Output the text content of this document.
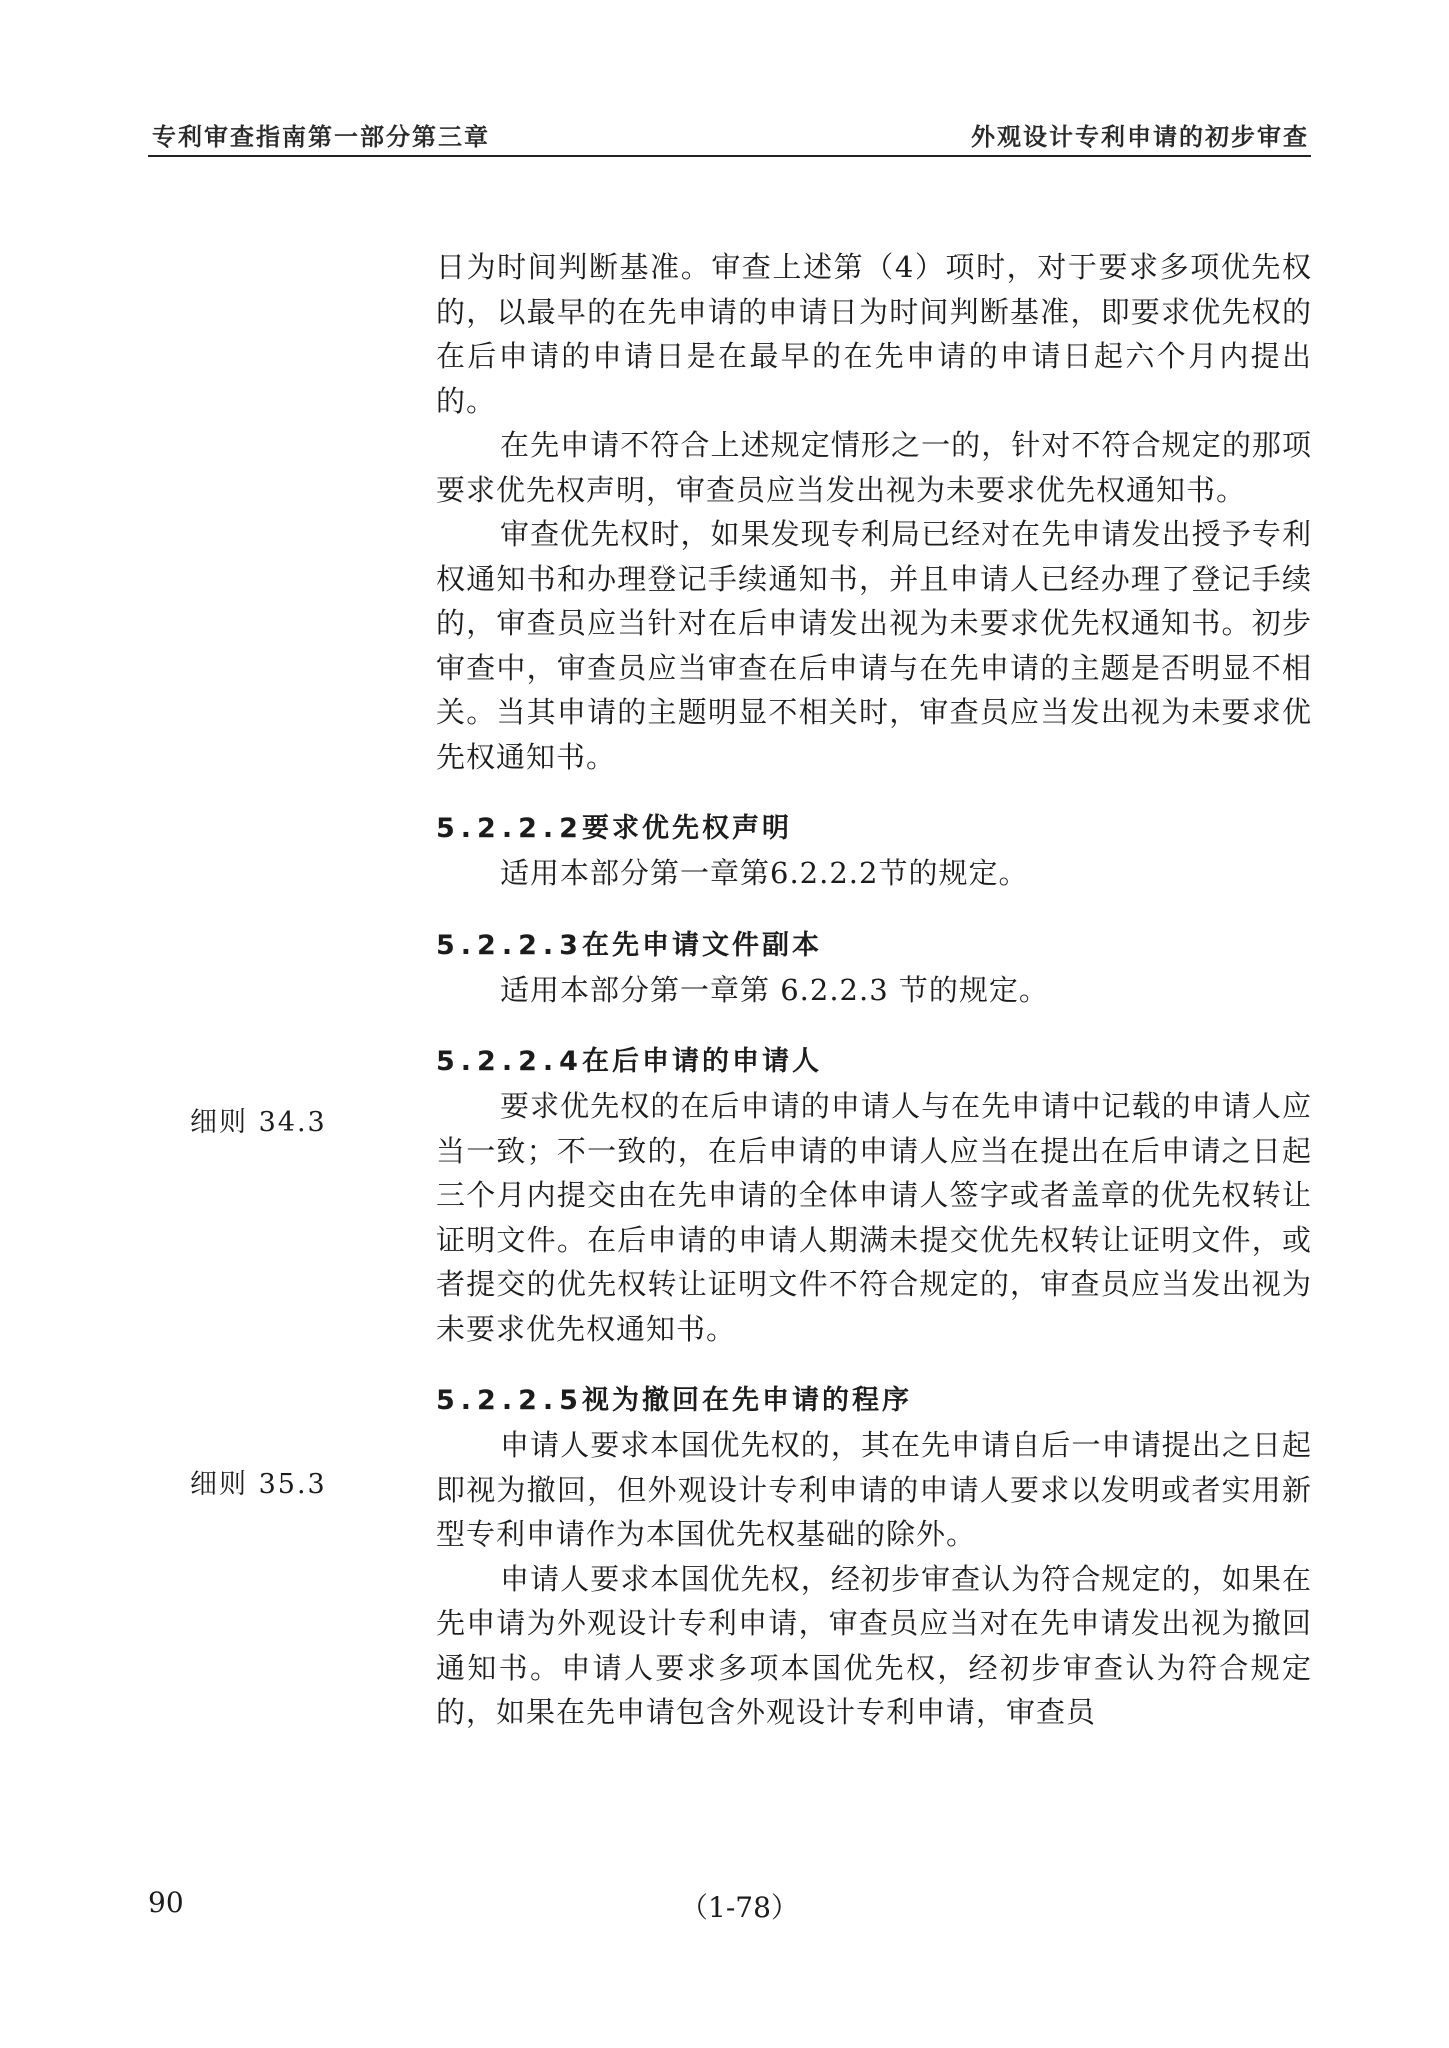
专利审查指南第一部分第三章	外观设计专利申请的初步审查
细则 34.3
细则 35.3

日为时间判断基准。审查上述第（4）项时，对于要求多项优先权的，以最早的在先申请的申请日为时间判断基准，即要求优先权的在后申请的申请日是在最早的在先申请的申请日起六个月内提出的。

在先申请不符合上述规定情形之一的，针对不符合规定的那项要求优先权声明，审查员应当发出视为未要求优先权通知书。

审查优先权时，如果发现专利局已经对在先申请发出授予专利权通知书和办理登记手续通知书，并且申请人已经办理了登记手续的，审查员应当针对在后申请发出视为未要求优先权通知书。初步审查中，审查员应当审查在后申请与在先申请的主题是否明显不相关。当其申请的主题明显不相关时，审查员应当发出视为未要求优先权通知书。

5.2.2.2
要求优先权声明

适用本部分第一章第6.2.2.2节的规定。

5.2.2.3
在先申请文件副本

适用本部分第一章第 6.2.2.3 节的规定。

5.2.2.4
在后申请的申请人

要求优先权的在后申请的申请人与在先申请中记载的申请人应当一致；不一致的，在后申请的申请人应当在提出在后申请之日起三个月内提交由在先申请的全体申请人签字或者盖章的优先权转让证明文件。在后申请的申请人期满未提交优先权转让证明文件，或者提交的优先权转让证明文件不符合规定的，审查员应当发出视为未要求优先权通知书。

5.2.2.5
视为撤回在先申请的程序

申请人要求本国优先权的，其在先申请自后一申请提出之日起即视为撤回，但外观设计专利申请的申请人要求以发明或者实用新型专利申请作为本国优先权基础的除外。

申请人要求本国优先权，经初步审查认为符合规定的，如果在先申请为外观设计专利申请，审查员应当对在先申请发出视为撤回通知书。申请人要求多项本国优先权，经初步审查认为符合规定的，如果在先申请包含外观设计专利申请，审查员

90	（1-78）
